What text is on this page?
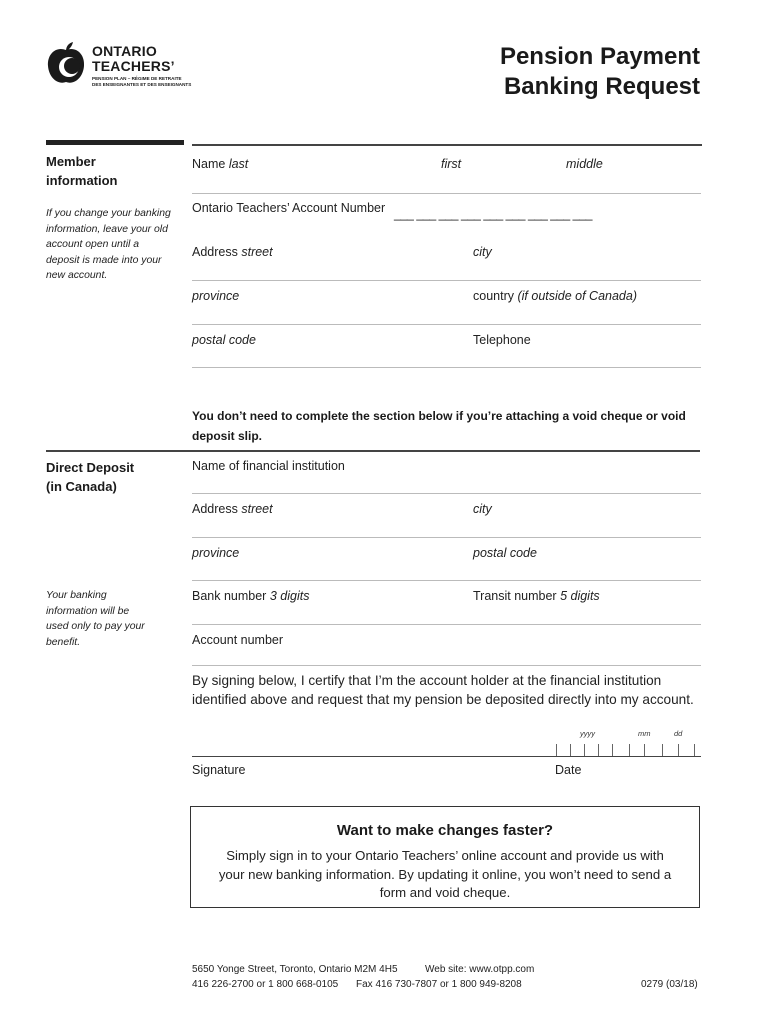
ONTARIO
TEACHERS’
PENSION PLAN – RÉGIME DE RETRAITE
DES ENSEIGNANTES ET DES ENSEIGNANTS
Pension Payment
Banking Request
Member
information
If you change your banking information, leave your old account open until a deposit is made into your new account.
Name last	first	middle
Ontario Teachers’ Account Number ___ ___ ___ ___ ___ ___ ___ ___ ___
Address street	city
province	country (if outside of Canada)
postal code	Telephone
You don’t need to complete the section below if you’re attaching a void cheque or void deposit slip.
Direct Deposit
(in Canada)
Your banking information will be used only to pay your benefit.
Name of financial institution
Address street	city
province	postal code
Bank number 3 digits	Transit number 5 digits
Account number
By signing below, I certify that I’m the account holder at the financial institution identified above and request that my pension be deposited directly into my account.
yyyy	mm	dd
Signature	Date
Want to make changes faster?
Simply sign in to your Ontario Teachers’ online account and provide us with your new banking information. By updating it online, you won’t need to send a form and void cheque.
5650 Yonge Street, Toronto, Ontario M2M 4H5	Web site: www.otpp.com
416 226-2700 or 1 800 668-0105 Fax 416 730-7807 or 1 800 949-8208	0279 (03/18)
